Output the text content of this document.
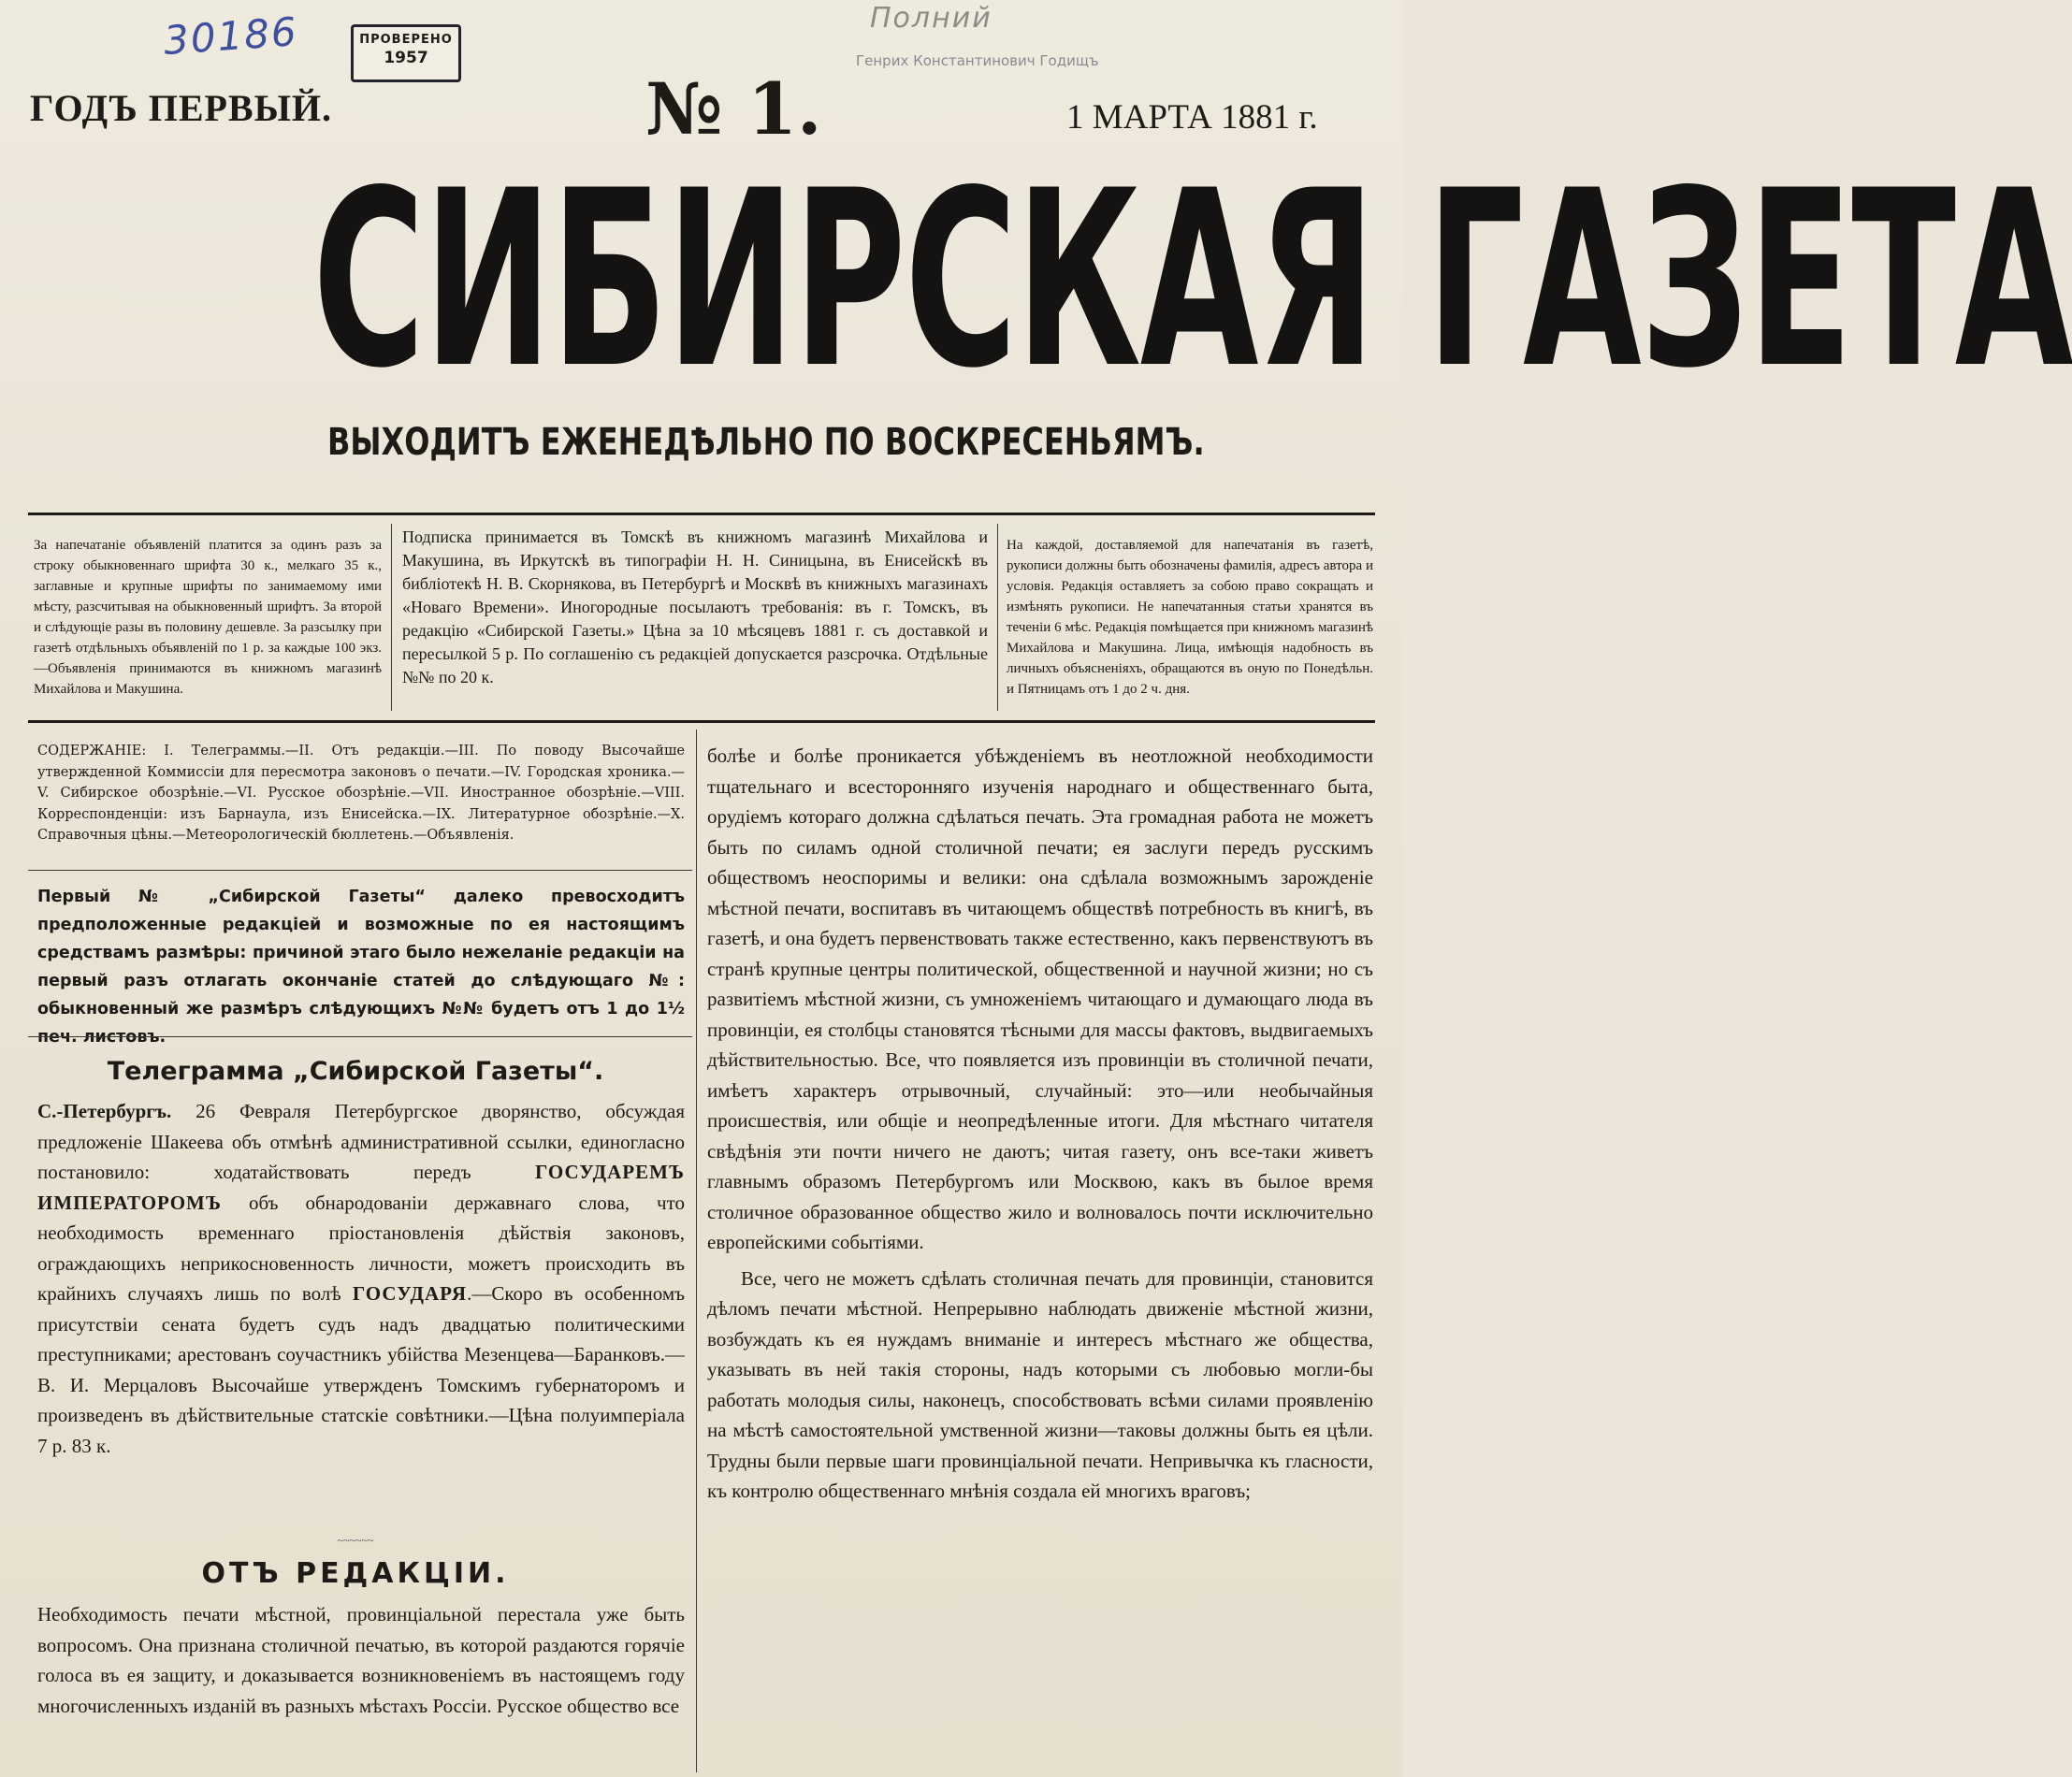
30186	Полний
ПРОВЕРЕНО
1957	Генрих Константинович Годищъ
ГОДЪ ПЕРВЫЙ.	№ 1.	1 МАРТА 1881 г.
СИБИРСКАЯ ГАЗЕТА
ВЫХОДИТЪ ЕЖЕНЕДѢЛЬНО ПО ВОСКРЕСЕНЬЯМЪ.
За напечатаніе объявленій платится за одинъ разъ за строку обыкновеннаго шрифта 30 к., мелкаго 35 к., заглавные и крупные шрифты по занимаемому ими мѣсту, разсчитывая на обыкновенный шрифтъ. За второй и слѣдующіе разы въ половину дешевле. За разсылку при газетѣ отдѣльныхъ объявленій по 1 р. за каждые 100 экз.—Объявленія принимаются въ книжномъ магазинѣ Михайлова и Макушина.
Подписка принимается въ Томскѣ въ книжномъ магазинѣ Михайлова и Макушина, въ Иркутскѣ въ типографіи Н. Н. Синицына, въ Енисейскѣ въ библіотекѣ Н. В. Скорнякова, въ Петербургѣ и Москвѣ въ книжныхъ магазинахъ «Новаго Времени». Иногородные посылаютъ требованія: въ г. Томскъ, въ редакцію «Сибирской Газеты.» Цѣна за 10 мѣсяцевъ 1881 г. съ доставкой и пересылкой 5 р. По соглашенію съ редакціей допускается разсрочка. Отдѣльные №№ по 20 к.
На каждой, доставляемой для напечатанія въ газетѣ, рукописи должны быть обозначены фамилія, адресъ автора и условія. Редакція оставляетъ за собою право сокращать и измѣнять рукописи. Не напечатанныя статьи хранятся въ теченіи 6 мѣс. Редакція помѣщается при книжномъ магазинѣ Михайлова и Макушина. Лица, имѣющія надобность въ личныхъ объясненіяхъ, обращаются въ оную по Понедѣльн. и Пятницамъ отъ 1 до 2 ч. дня.
СОДЕРЖАНІЕ: I. Телеграммы.—II. Отъ редакціи.—III. По поводу Высочайше утвержденной Коммиссіи для пересмотра законовъ о печати.—IV. Городская хроника.—V. Сибирское обозрѣніе.—VI. Русское обозрѣніе.—VII. Иностранное обозрѣніе.—VIII. Корреспонденціи: изъ Барнаула, изъ Енисейска.—IX. Литературное обозрѣніе.—X. Справочныя цѣны.—Метеорологическій бюллетень.—Объявленія.
Первый № „Сибирской Газеты“ далеко превосходитъ предположенные редакціей и возможные по ея настоящимъ средствамъ размѣры: причиной этаго было нежеланіе редакціи на первый разъ отлагать окончаніе статей до слѣдующаго №: обыкновенный же размѣръ слѣдующихъ №№ будетъ отъ 1 до 1½ печ. листовъ.
Телеграмма „Сибирской Газеты“.
С.-Петербургъ. 26 Февраля Петербургское дворянство, обсуждая предложеніе Шакеева объ отмѣнѣ административной ссылки, единогласно постановило: ходатайствовать передъ ГОСУДАРЕМЪ ИМПЕРАТОРОМЪ объ обнародованіи державнаго слова, что необходимость временнаго пріостановленія дѣйствія законовъ, ограждающихъ неприкосновенность личности, можетъ происходить въ крайнихъ случаяхъ лишь по волѣ ГОСУДАРЯ.—Скоро въ особенномъ присутствіи сената будетъ судъ надъ двадцатью политическими преступниками; арестованъ соучастникъ убійства Мезенцева—Баранковъ.—В. И. Мерцаловъ Высочайше утвержденъ Томскимъ губернаторомъ и произведенъ въ дѣйствительные статскіе совѣтники.—Цѣна полуимперіала 7 р. 83 к.
~~~~~~
ОТЪ РЕДАКЦІИ.
Необходимость печати мѣстной, провинціальной перестала уже быть вопросомъ. Она признана столичной печатью, въ которой раздаются горячіе голоса въ ея защиту, и доказывается возникновеніемъ въ настоящемъ году многочисленныхъ изданій въ разныхъ мѣстахъ Россіи. Русское общество все
болѣе и болѣе проникается убѣжденіемъ въ неотложной необходимости тщательнаго и всесторонняго изученія народнаго и общественнаго быта, орудіемъ котораго должна сдѣлаться печать. Эта громадная работа не можетъ быть по силамъ одной столичной печати; ея заслуги передъ русскимъ обществомъ неоспоримы и велики: она сдѣлала возможнымъ зарожденіе мѣстной печати, воспитавъ въ читающемъ обществѣ потребность въ книгѣ, въ газетѣ, и она будетъ первенствовать также естественно, какъ первенствуютъ въ странѣ крупные центры политической, общественной и научной жизни; но съ развитіемъ мѣстной жизни, съ умноженіемъ читающаго и думающаго люда въ провинціи, ея столбцы становятся тѣсными для массы фактовъ, выдвигаемыхъ дѣйствительностью. Все, что появляется изъ провинціи въ столичной печати, имѣетъ характеръ отрывочный, случайный: это—или необычайныя происшествія, или общіе и неопредѣленные итоги. Для мѣстнаго читателя свѣдѣнія эти почти ничего не даютъ; читая газету, онъ все-таки живетъ главнымъ образомъ Петербургомъ или Москвою, какъ въ былое время столичное образованное общество жило и волновалось почти исключительно европейскими событіями.
Все, чего не можетъ сдѣлать столичная печать для провинціи, становится дѣломъ печати мѣстной. Непрерывно наблюдать движеніе мѣстной жизни, возбуждать къ ея нуждамъ вниманіе и интересъ мѣстнаго же общества, указывать въ ней такія стороны, надъ которыми съ любовью могли-бы работать молодыя силы, наконецъ, способствовать всѣми силами проявленію на мѣстѣ самостоятельной умственной жизни—таковы должны быть ея цѣли. Трудны были первые шаги провинціальной печати. Непривычка къ гласности, къ контролю общественнаго мнѣнія создала ей многихъ враговъ;
